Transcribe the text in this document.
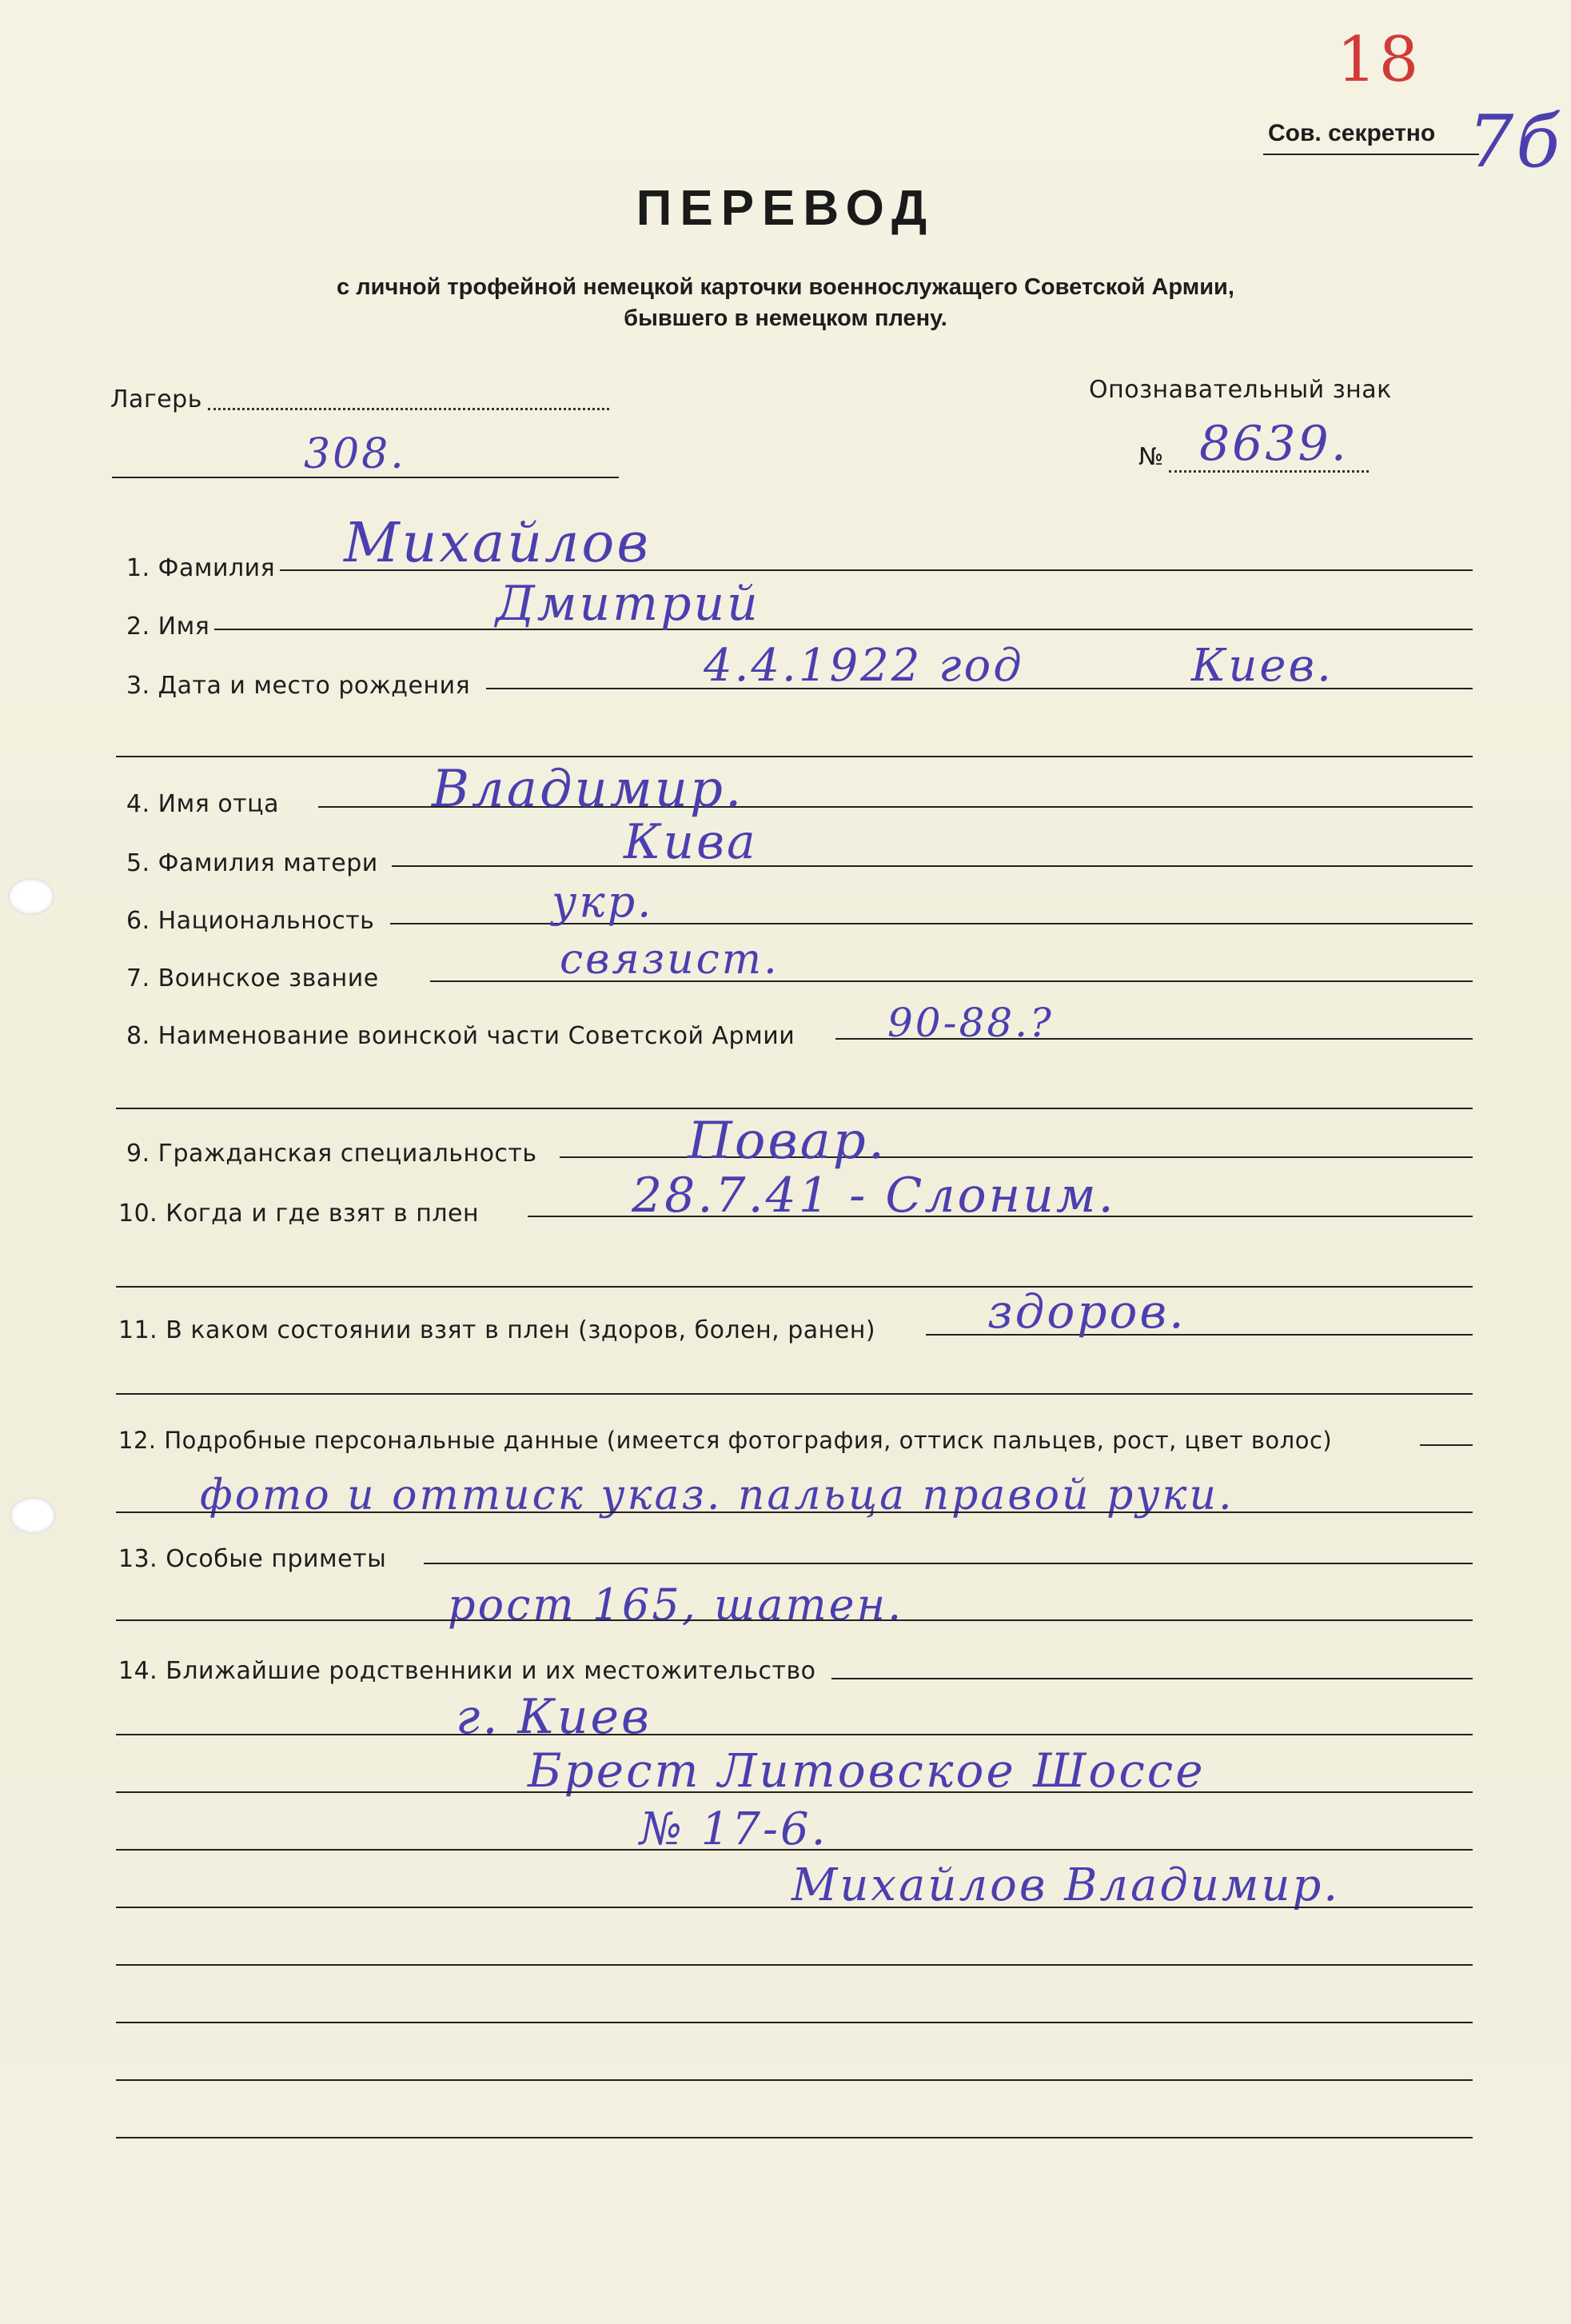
18
Сов. секретно 7б
ПЕРЕВОД
с личной трофейной немецкой карточки военнослужащего Советской Армии,
бывшего в немецком плену.
Лагерь
308.
Опознавательный знак
№ 8639.
1. Фамилия Михайлов
2. Имя	Дмитрий
3. Дата и место рождения	4.4.1922 год	Киев.
4. Имя отца	Владимир.
5. Фамилия матери	Кива
6. Национальность	укр.
7. Воинское звание	связист.
8. Наименование воинской части Советской Армии 90-88.?
9. Гражданская специальность	Повар.
10. Когда и где взят в плен	28.7.41 - Слоним.
11. В каком состоянии взят в плен (здоров, болен, ранен) здоров.
12. Подробные персональные данные (имеется фотография, оттиск пальцев, рост, цвет волос)
фото и оттиск указ. пальца правой руки.
13. Особые приметы
рост 165, шатен.
14. Ближайшие родственники и их местожительство
г. Киев
Брест Литовское Шоссе
№ 17-6.
Михайлов Владимир.
